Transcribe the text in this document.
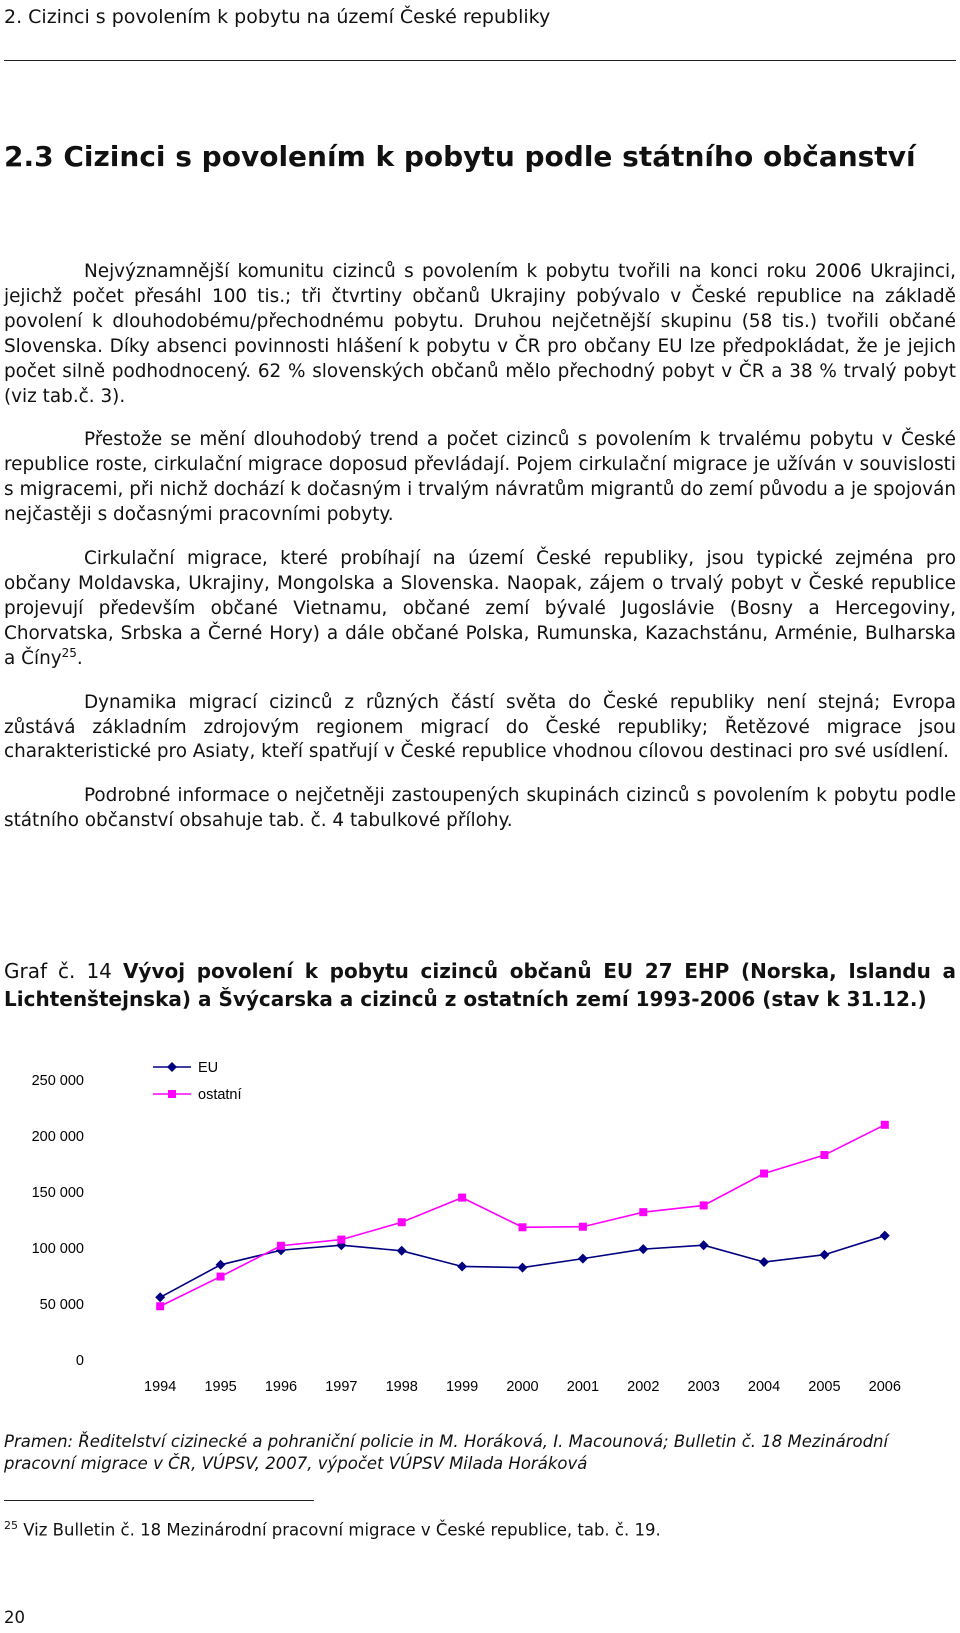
2. Cizinci s povolením k pobytu na území České republiky
2.3 Cizinci s povolením k pobytu podle státního občanství

Nejvýznamnější komunitu cizinců s povolením k pobytu tvořili na konci roku 2006 Ukrajinci, jejichž počet přesáhl 100 tis.; tři čtvrtiny občanů Ukrajiny pobývalo v České republice na základě povolení k dlouhodobému/přechodnému pobytu. Druhou nejčetnější skupinu (58 tis.) tvořili občané Slovenska. Díky absenci povinnosti hlášení k pobytu v ČR pro občany EU lze předpokládat, že je jejich počet silně podhodnocený. 62 % slovenských občanů mělo přechodný pobyt v ČR a 38 % trvalý pobyt (viz tab.č. 3).

Přestože se mění dlouhodobý trend a počet cizinců s povolením k trvalému pobytu v České republice roste, cirkulační migrace doposud převládají. Pojem cirkulační migrace je užíván v souvislosti s migracemi, při nichž dochází k dočasným i trvalým návratům migrantů do zemí původu a je spojován nejčastěji s dočasnými pracovními pobyty.

Cirkulační migrace, které probíhají na území České republiky, jsou typické zejména pro občany Moldavska, Ukrajiny, Mongolska a Slovenska. Naopak, zájem o trvalý pobyt v České republice projevují především občané Vietnamu, občané zemí bývalé Jugoslávie (Bosny a Hercegoviny, Chorvatska, Srbska a Černé Hory) a dále občané Polska, Rumunska, Kazachstánu, Arménie, Bulharska a Číny$^{25}$.

Dynamika migrací cizinců z různých částí světa do České republiky není stejná; Evropa zůstává základním zdrojovým regionem migrací do České republiky; Řetězové migrace jsou charakteristické pro Asiaty, kteří spatřují v České republice vhodnou cílovou destinaci pro své usídlení.

Podrobné informace o nejčetněji zastoupených skupinách cizinců s povolením k pobytu podle státního občanství obsahuje tab. č. 4 tabulkové přílohy.

Graf č. 14 Vývoj povolení k pobytu cizinců občanů EU 27 EHP (Norska, Islandu a Lichtenštejnska) a Švýcarska a cizinců z ostatních zemí 1993-2006 (stav k 31.12.)
0
50 000
100 000
150 000
200 000
250 000
1994 1995 1996 1997 1998 1999 2000 2001 2002 2003 2004 2005 2006
EU
ostatní
Pramen: Ředitelství cizinecké a pohraniční policie in M. Horáková, I. Macounová; Bulletin č. 18 Mezinárodní pracovní migrace v ČR, VÚPSV, 2007, výpočet VÚPSV Milada Horáková
$^{25}$ Viz Bulletin č. 18 Mezinárodní pracovní migrace v České republice, tab. č. 19.
20
